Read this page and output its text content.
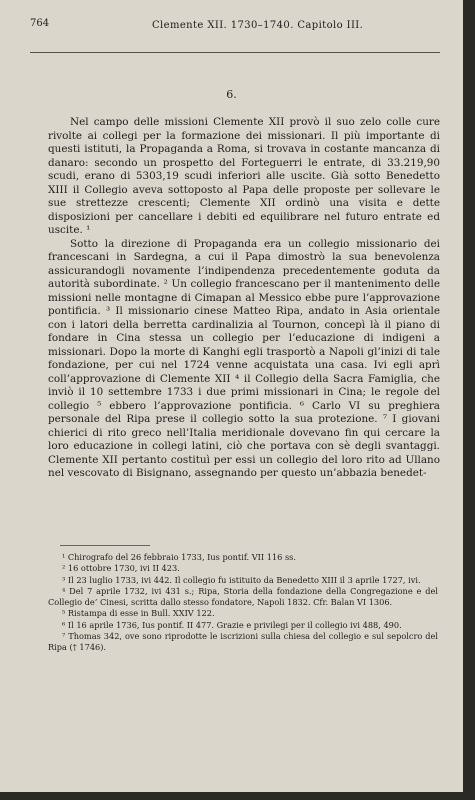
764	Clemente XII. 1730–1740. Capitolo III.
6.

Nel campo delle missioni Clemente XII provò il suo zelo colle cure rivolte ai collegi per la formazione dei missionari. Il più importante di questi istituti, la Propaganda a Roma, si trovava in costante mancanza di danaro: secondo un prospetto del Forteguerri le entrate, di 33.219,90 scudi, erano di 5303,19 scudi inferiori alle uscite. Già sotto Benedetto XIII il Collegio aveva sottoposto al Papa delle proposte per sollevare le sue strettezze crescenti; Clemente XII ordinò una visita e dette disposizioni per cancellare i debiti ed equilibrare nel futuro entrate ed uscite. ¹

Sotto la direzione di Propaganda era un collegio missionario dei francescani in Sardegna, a cui il Papa dimostrò la sua benevolenza assicurandogli novamente l’indipendenza precedentemente goduta da autorità subordinate. ² Un collegio francescano per il mantenimento delle missioni nelle montagne di Cimapan al Messico ebbe pure l’approvazione pontificia. ³ Il missionario cinese Matteo Ripa, andato in Asia orientale con i latori della berretta cardinalizia al Tournon, concepì là il piano di fondare in Cina stessa un collegio per l’educazione di indigeni a missionari. Dopo la morte di Kanghi egli trasportò a Napoli gl’inizi di tale fondazione, per cui nel 1724 venne acquistata una casa. Ivi egli aprì coll’approvazione di Clemente XII ⁴ il Collegio della Sacra Famiglia, che inviò il 10 settembre 1733 i due primi missionari in Cina; le regole del collegio ⁵ ebbero l’approvazione pontificia. ⁶ Carlo VI su preghiera personale del Ripa prese il collegio sotto la sua protezione. ⁷ I giovani chierici di rito greco nell’Italia meridionale dovevano fin qui cercare la loro educazione in collegi latini, ciò che portava con sè degli svantaggi. Clemente XII pertanto costituì per essi un collegio del loro rito ad Ullano nel vescovato di Bisignano, assegnando per questo un’abbazia benedet-

¹ Chirografo del 26 febbraio 1733, Ius pontif. VII 116 ss.

² 16 ottobre 1730, ivi II 423.

³ Il 23 luglio 1733, ivi 442. Il collegio fu istituito da Benedetto XIII il 3 aprile 1727, ivi.

⁴ Del 7 aprile 1732, ivi 431 s.; Ripa, Storia della fondazione della Congregazione e del Collegio de’ Cinesi, scritta dallo stesso fondatore, Napoli 1832. Cfr. Balan VI 1306.

⁵ Ristampa di esse in Bull. XXIV 122.

⁶ Il 16 aprile 1736, Ius pontif. II 477. Grazie e privilegi per il collegio ivi 488, 490.

⁷ Thomas 342, ove sono riprodotte le iscrizioni sulla chiesa del collegio e sul sepolcro del Ripa († 1746).
